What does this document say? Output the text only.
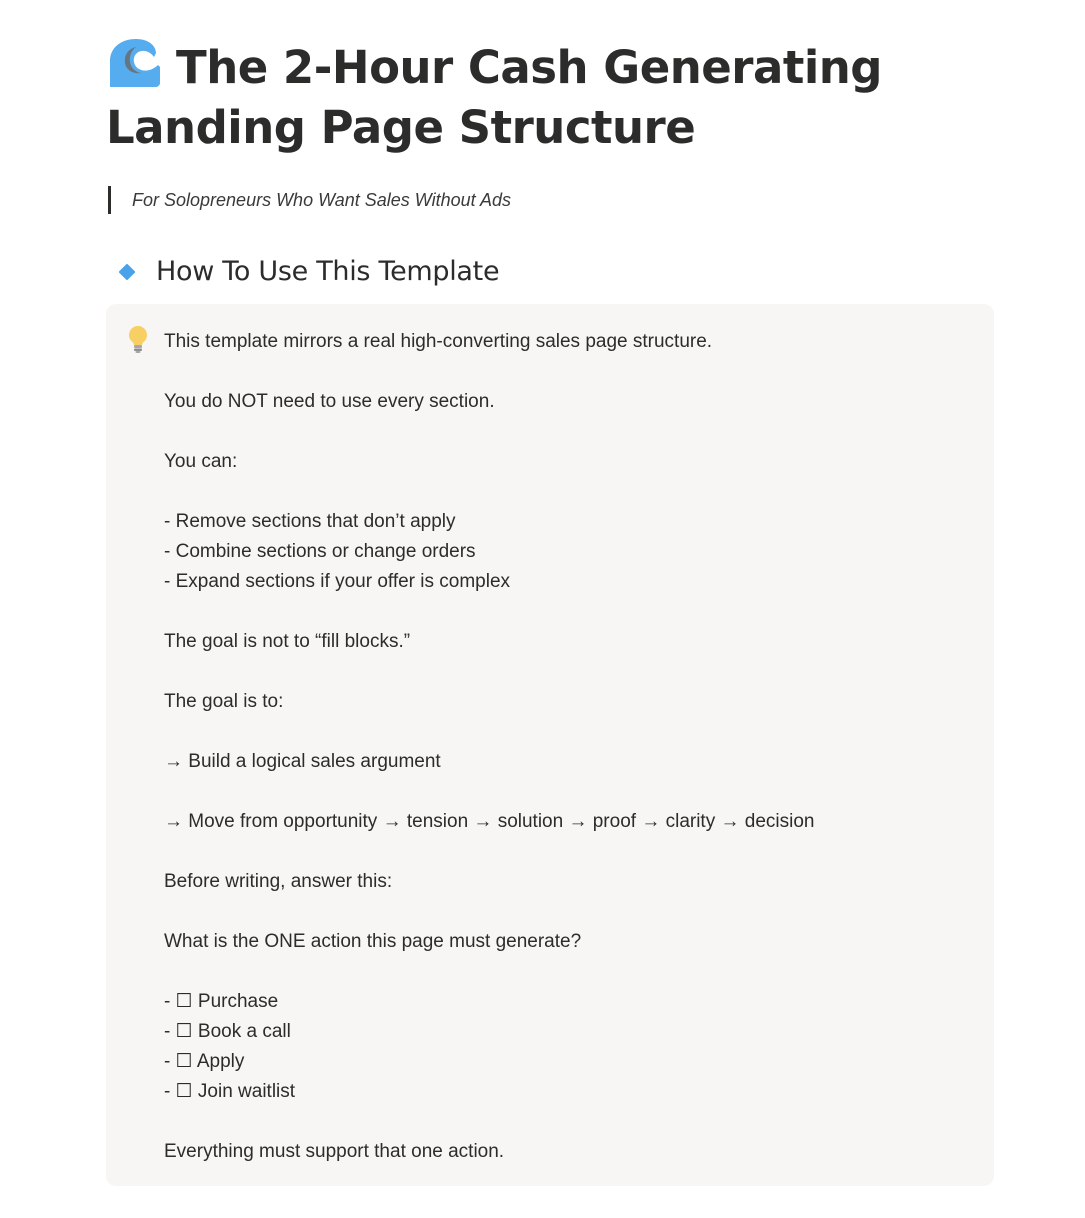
The 2-Hour Cash Generating Landing Page Structure
For Solopreneurs Who Want Sales Without Ads
How To Use This Template
This template mirrors a real high-converting sales page structure.
You do NOT need to use every section.
You can:
- Remove sections that don’t apply
- Combine sections or change orders
- Expand sections if your offer is complex
The goal is not to “fill blocks.”
The goal is to:
→ Build a logical sales argument
→ Move from opportunity → tension → solution → proof → clarity → decision
Before writing, answer this:
What is the ONE action this page must generate?
- ☐ Purchase
- ☐ Book a call
- ☐ Apply
- ☐ Join waitlist
Everything must support that one action.
